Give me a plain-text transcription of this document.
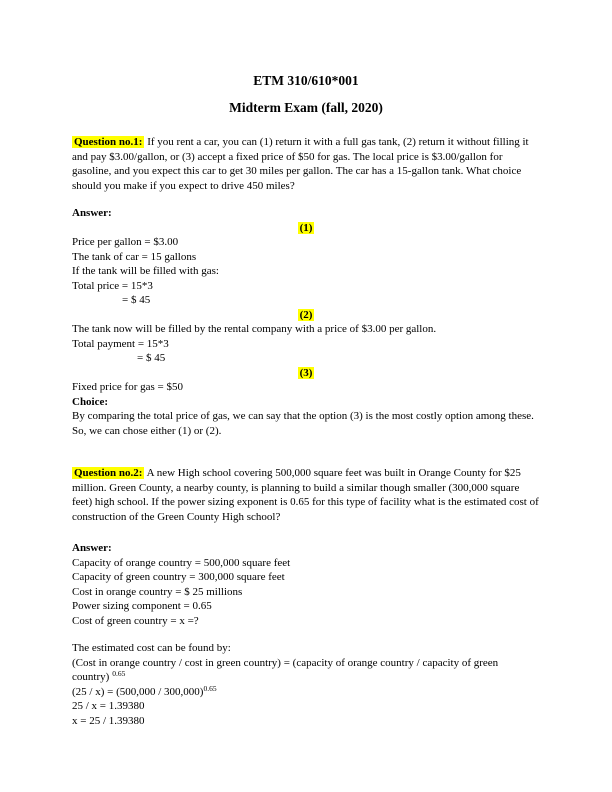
ETM 310/610*001
Midterm Exam (fall, 2020)

Question no.1: If you rent a car, you can (1) return it with a full gas tank, (2) return it without filling it and pay $3.00/gallon, or (3) accept a fixed price of $50 for gas. The local price is $3.00/gallon for gasoline, and you expect this car to get 30 miles per gallon. The car has a 15-gallon tank. What choice should you make if you expect to drive 450 miles?

Answer:
(1)
Price per gallon = $3.00
The tank of car = 15 gallons
If the tank will be filled with gas:
Total price = 15*3
= $ 45
(2)
The tank now will be filled by the rental company with a price of $3.00 per gallon.
Total payment = 15*3
= $ 45
(3)
Fixed price for gas = $50
Choice:

By comparing the total price of gas, we can say that the option (3) is the most costly option among these. So, we can chose either (1) or (2).

Question no.2: A new High school covering 500,000 square feet was built in Orange County for $25 million. Green County, a nearby county, is planning to build a similar though smaller (300,000 square feet) high school. If the power sizing exponent is 0.65 for this type of facility what is the estimated cost of construction of the Green County High school?

Answer:
Capacity of orange country = 500,000 square feet
Capacity of green country = 300,000 square feet
Cost in orange country = $ 25 millions
Power sizing component = 0.65
Cost of green country = x =?
The estimated cost can be found by:
(Cost in orange country / cost in green country) = (capacity of orange country / capacity of green
country) $^{0.65}$
(25 / x) = (500,000 / 300,000)$^{0.65}$
25 / x = 1.39380
x = 25 / 1.39380
